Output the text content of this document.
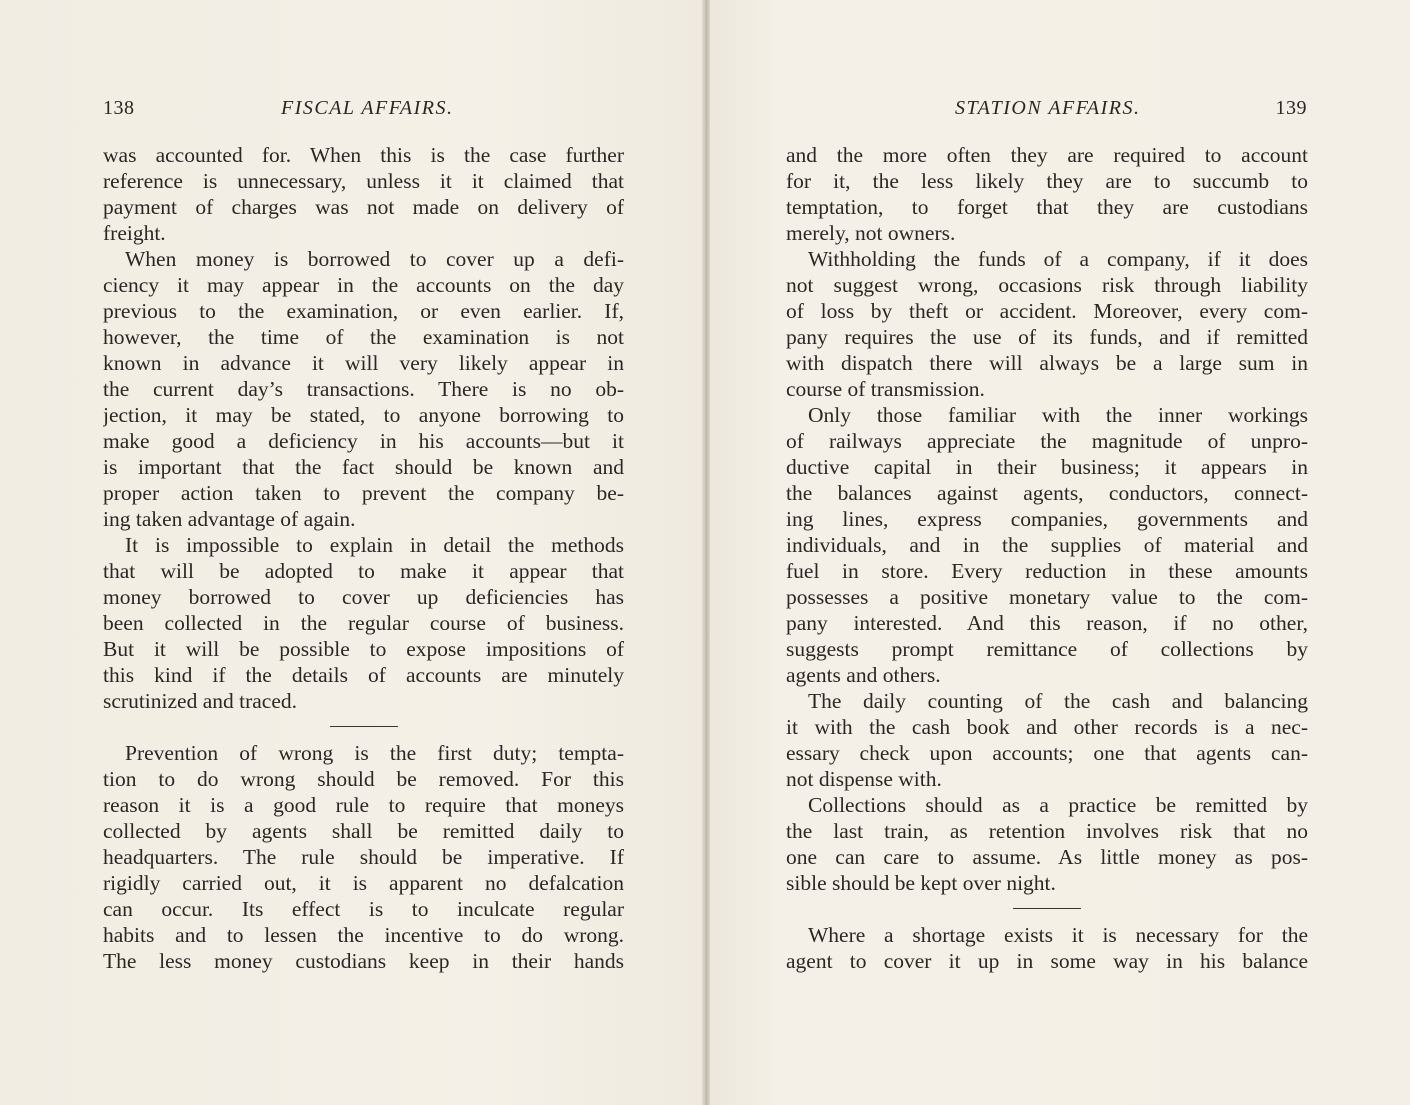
138	FISCAL AFFAIRS.	STATION AFFAIRS.	139
was accounted for. When this is the case further
reference is unnecessary, unless it it claimed that
payment of charges was not made on delivery of
freight.
When money is borrowed to cover up a defi-
ciency it may appear in the accounts on the day
previous to the examination, or even earlier. If,
however, the time of the examination is not
known in advance it will very likely appear in
the current day’s transactions. There is no ob-
jection, it may be stated, to anyone borrowing to
make good a deficiency in his accounts—but it
is important that the fact should be known and
proper action taken to prevent the company be-
ing taken advantage of again.
It is impossible to explain in detail the methods
that will be adopted to make it appear that
money borrowed to cover up deficiencies has
been collected in the regular course of business.
But it will be possible to expose impositions of
this kind if the details of accounts are minutely
scrutinized and traced.
Prevention of wrong is the first duty; tempta-
tion to do wrong should be removed. For this
reason it is a good rule to require that moneys
collected by agents shall be remitted daily to
headquarters. The rule should be imperative. If
rigidly carried out, it is apparent no defalcation
can occur. Its effect is to inculcate regular
habits and to lessen the incentive to do wrong.
The less money custodians keep in their hands
and the more often they are required to account
for it, the less likely they are to succumb to
temptation, to forget that they are custodians
merely, not owners.
Withholding the funds of a company, if it does
not suggest wrong, occasions risk through liability
of loss by theft or accident. Moreover, every com-
pany requires the use of its funds, and if remitted
with dispatch there will always be a large sum in
course of transmission.
Only those familiar with the inner workings
of railways appreciate the magnitude of unpro-
ductive capital in their business; it appears in
the balances against agents, conductors, connect-
ing lines, express companies, governments and
individuals, and in the supplies of material and
fuel in store. Every reduction in these amounts
possesses a positive monetary value to the com-
pany interested. And this reason, if no other,
suggests prompt remittance of collections by
agents and others.
The daily counting of the cash and balancing
it with the cash book and other records is a nec-
essary check upon accounts; one that agents can-
not dispense with.
Collections should as a practice be remitted by
the last train, as retention involves risk that no
one can care to assume. As little money as pos-
sible should be kept over night.
Where a shortage exists it is necessary for the
agent to cover it up in some way in his balance
